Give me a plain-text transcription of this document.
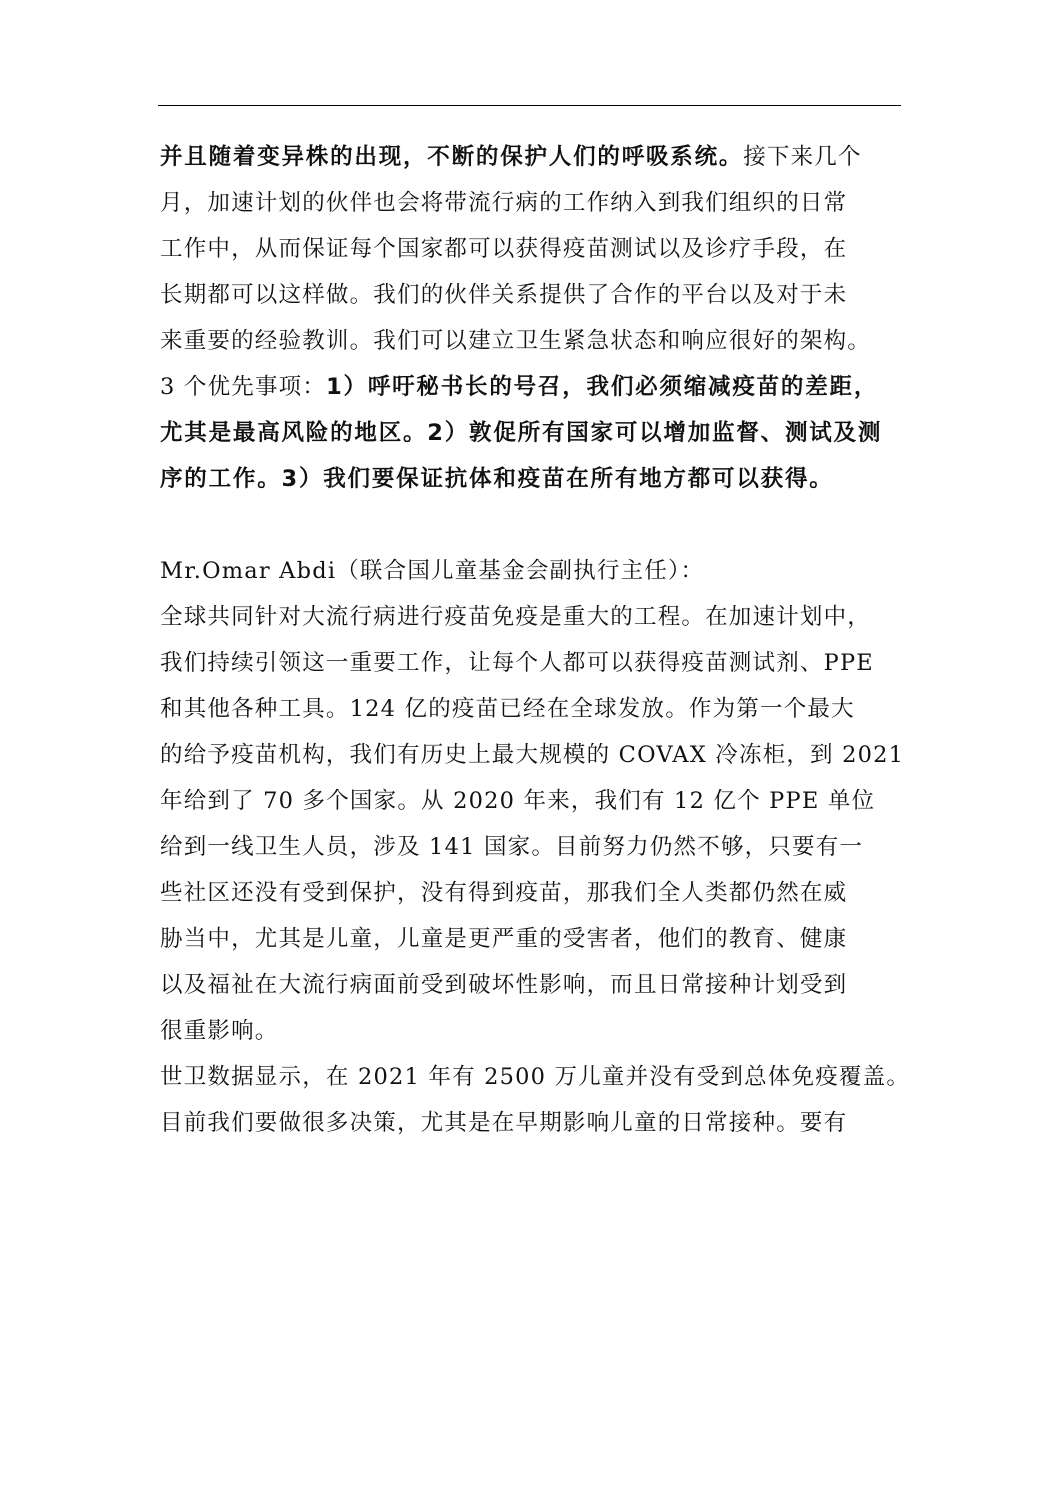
并且随着变异株的出现，不断的保护人们的呼吸系统。接下来几个
月，加速计划的伙伴也会将带流行病的工作纳入到我们组织的日常
工作中，从而保证每个国家都可以获得疫苗测试以及诊疗手段，在
长期都可以这样做。我们的伙伴关系提供了合作的平台以及对于未
来重要的经验教训。我们可以建立卫生紧急状态和响应很好的架构。
3 个优先事项：1）呼吁秘书长的号召，我们必须缩减疫苗的差距，
尤其是最高风险的地区。2）敦促所有国家可以增加监督、测试及测
序的工作。3）我们要保证抗体和疫苗在所有地方都可以获得。
Mr.Omar Abdi（联合国儿童基金会副执行主任）：
全球共同针对大流行病进行疫苗免疫是重大的工程。在加速计划中，
我们持续引领这一重要工作，让每个人都可以获得疫苗测试剂、PPE
和其他各种工具。124 亿的疫苗已经在全球发放。作为第一个最大
的给予疫苗机构，我们有历史上最大规模的 COVAX 冷冻柜，到 2021
年给到了 70 多个国家。从 2020 年来，我们有 12 亿个 PPE 单位
给到一线卫生人员，涉及 141 国家。目前努力仍然不够，只要有一
些社区还没有受到保护，没有得到疫苗，那我们全人类都仍然在威
胁当中，尤其是儿童，儿童是更严重的受害者，他们的教育、健康
以及福祉在大流行病面前受到破坏性影响，而且日常接种计划受到
很重影响。
世卫数据显示，在 2021 年有 2500 万儿童并没有受到总体免疫覆盖。
目前我们要做很多决策，尤其是在早期影响儿童的日常接种。要有
